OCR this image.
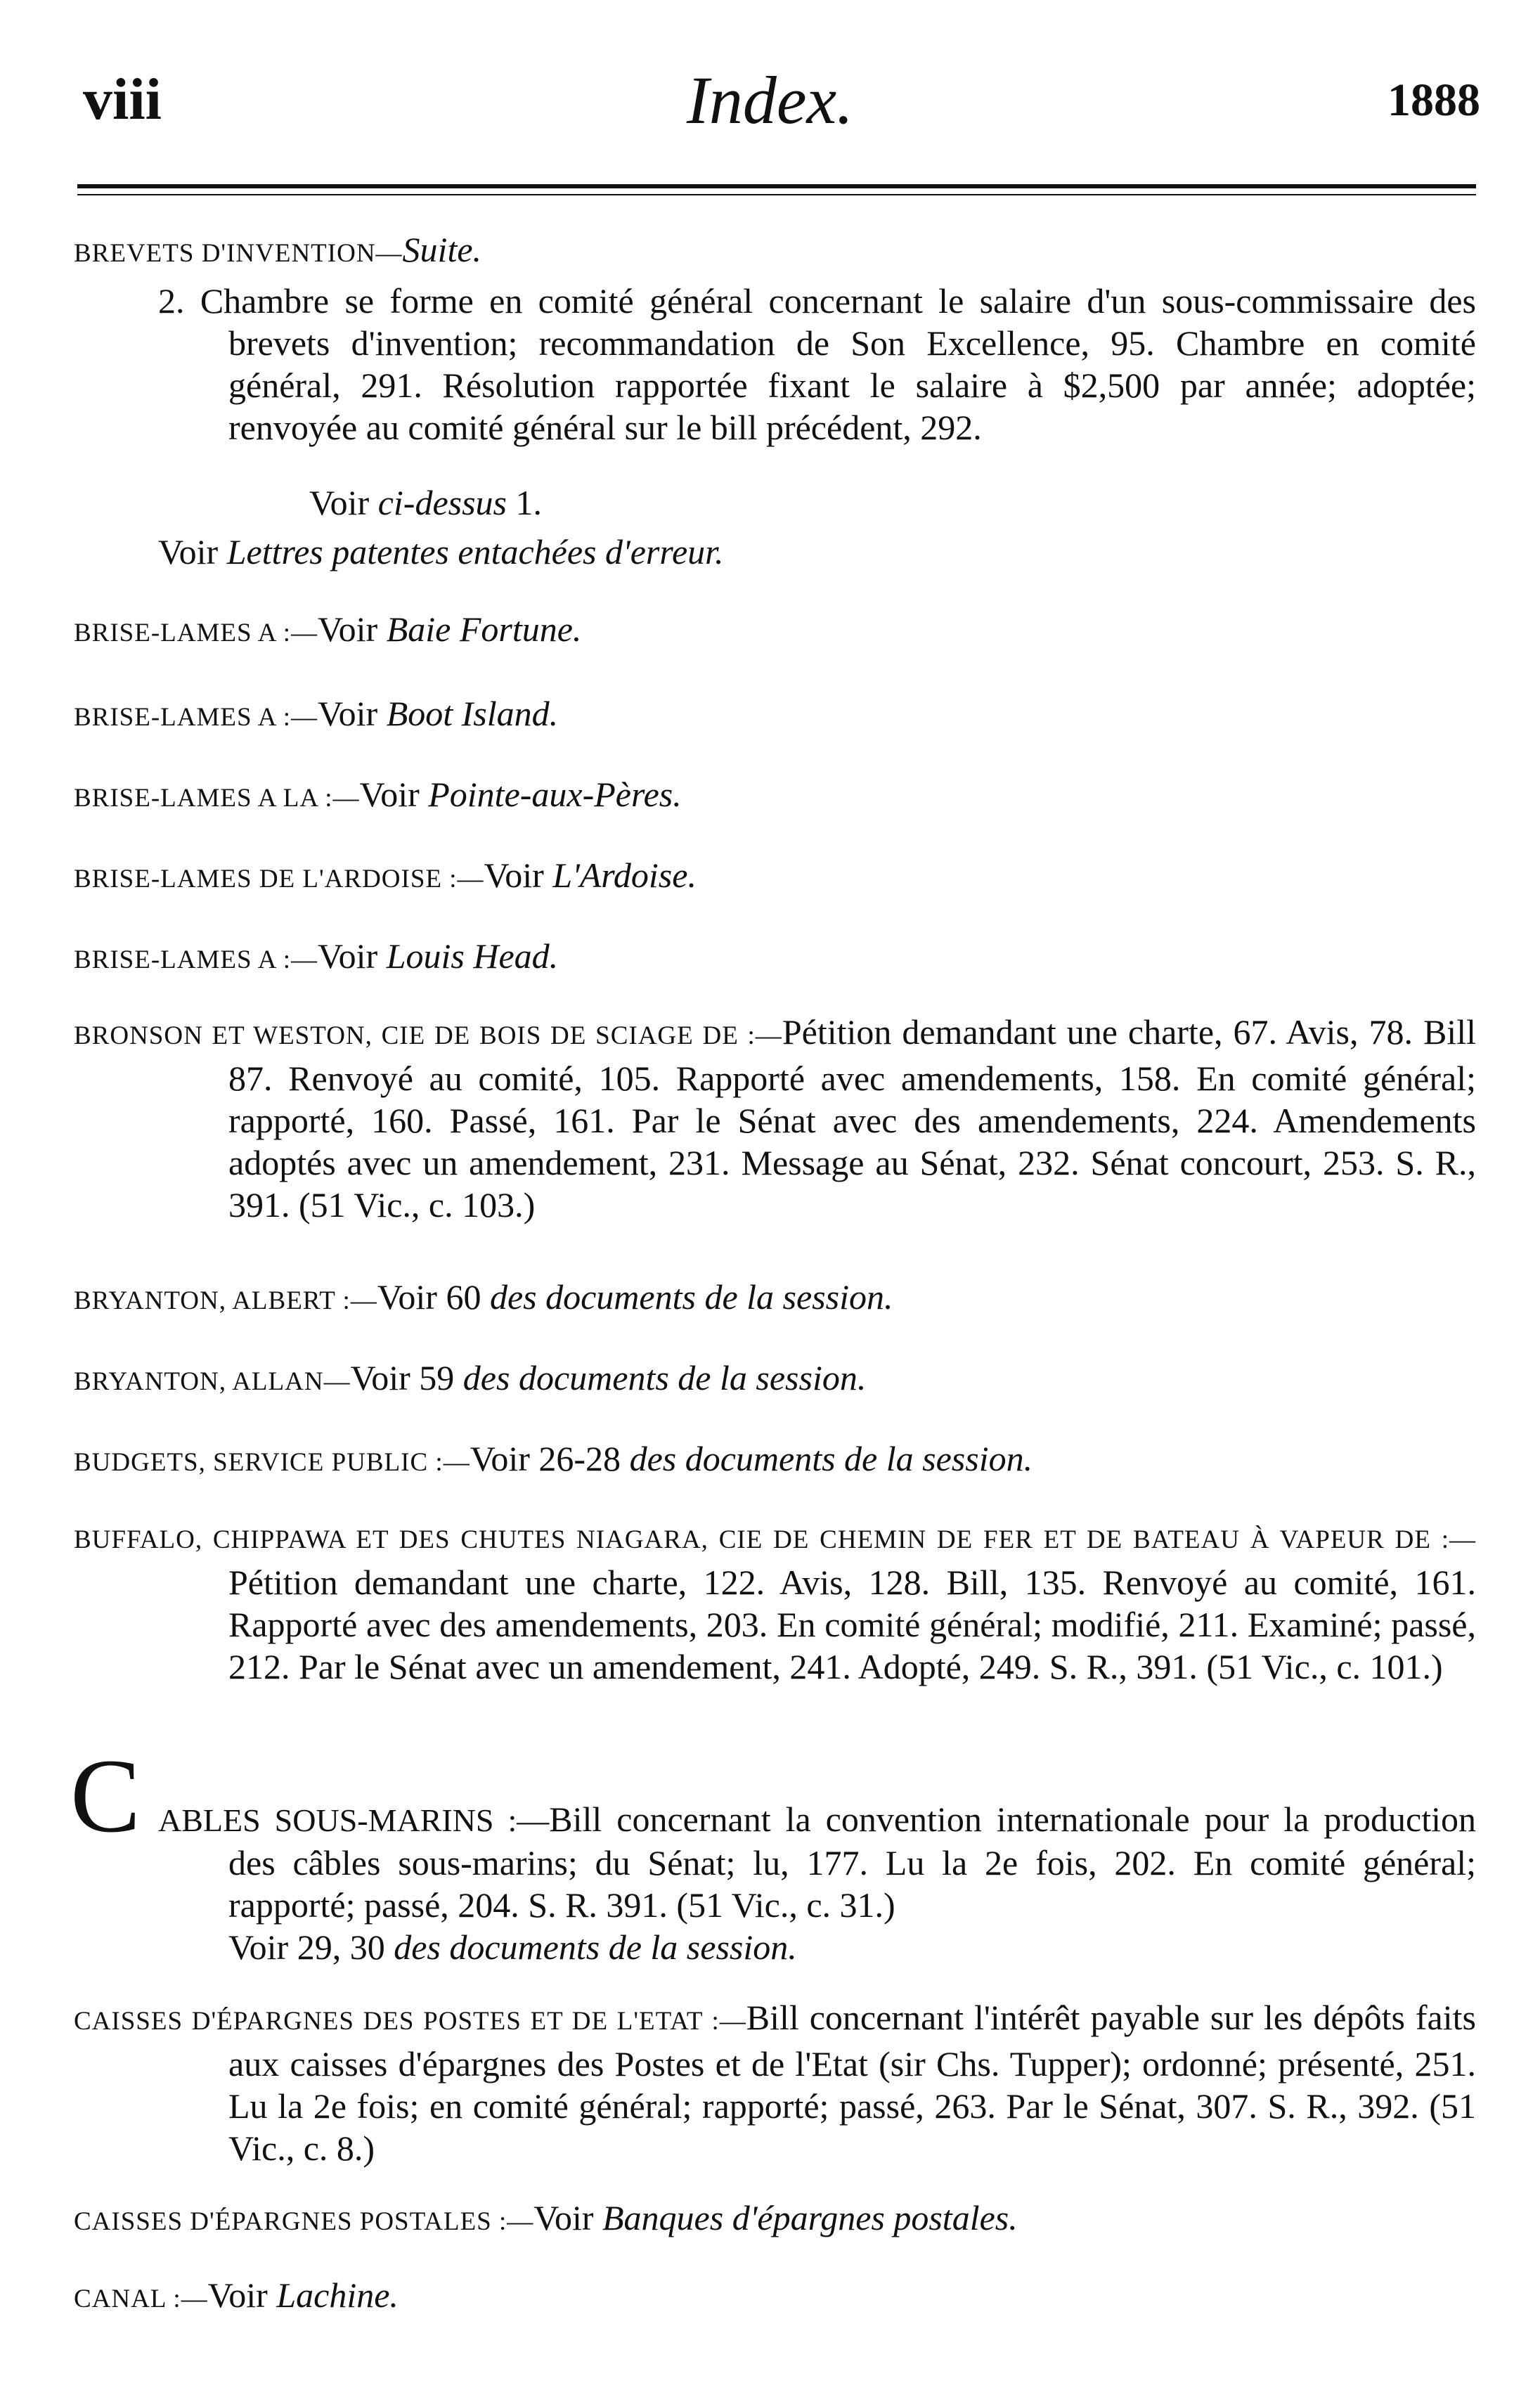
viii	Index.	1888

BREVETS D'INVENTION—Suite.

2. Chambre se forme en comité général concernant le salaire d'un sous-commissaire des brevets d'invention; recommandation de Son Excellence, 95. Chambre en comité général, 291. Résolution rapportée fixant le salaire à $2,500 par année; adoptée; renvoyée au comité général sur le bill précédent, 292.

Voir ci-dessus 1.

Voir Lettres patentes entachées d'erreur.

BRISE-LAMES A :—Voir Baie Fortune.

BRISE-LAMES A :—Voir Boot Island.

BRISE-LAMES A LA :—Voir Pointe-aux-Pères.

BRISE-LAMES DE L'ARDOISE :—Voir L'Ardoise.

BRISE-LAMES A :—Voir Louis Head.

BRONSON ET WESTON, CIE DE BOIS DE SCIAGE DE :—Pétition demandant une charte, 67. Avis, 78. Bill 87. Renvoyé au comité, 105. Rapporté avec amendements, 158. En comité général; rapporté, 160. Passé, 161. Par le Sénat avec des amendements, 224. Amendements adoptés avec un amendement, 231. Message au Sénat, 232. Sénat concourt, 253. S. R., 391. (51 Vic., c. 103.)

BRYANTON, ALBERT :—Voir 60 des documents de la session.

BRYANTON, ALLAN—Voir 59 des documents de la session.

BUDGETS, SERVICE PUBLIC :—Voir 26-28 des documents de la session.

BUFFALO, CHIPPAWA ET DES CHUTES NIAGARA, CIE DE CHEMIN DE FER ET DE BATEAU À VAPEUR DE :—Pétition demandant une charte, 122. Avis, 128. Bill, 135. Renvoyé au comité, 161. Rapporté avec des amendements, 203. En comité général; modifié, 211. Examiné; passé, 212. Par le Sénat avec un amendement, 241. Adopté, 249. S. R., 391. (51 Vic., c. 101.)

C ABLES SOUS-MARINS :—Bill concernant la convention internationale pour la production des câbles sous-marins; du Sénat; lu, 177. Lu la 2e fois, 202. En comité général; rapporté; passé, 204. S. R. 391. (51 Vic., c. 31.)
Voir 29, 30 des documents de la session.

CAISSES D'ÉPARGNES DES POSTES ET DE L'ETAT :—Bill concernant l'intérêt payable sur les dépôts faits aux caisses d'épargnes des Postes et de l'Etat (sir Chs. Tupper); ordonné; présenté, 251. Lu la 2e fois; en comité général; rapporté; passé, 263. Par le Sénat, 307. S. R., 392. (51 Vic., c. 8.)

CAISSES D'ÉPARGNES POSTALES :—Voir Banques d'épargnes postales.

CANAL :—Voir Lachine.
